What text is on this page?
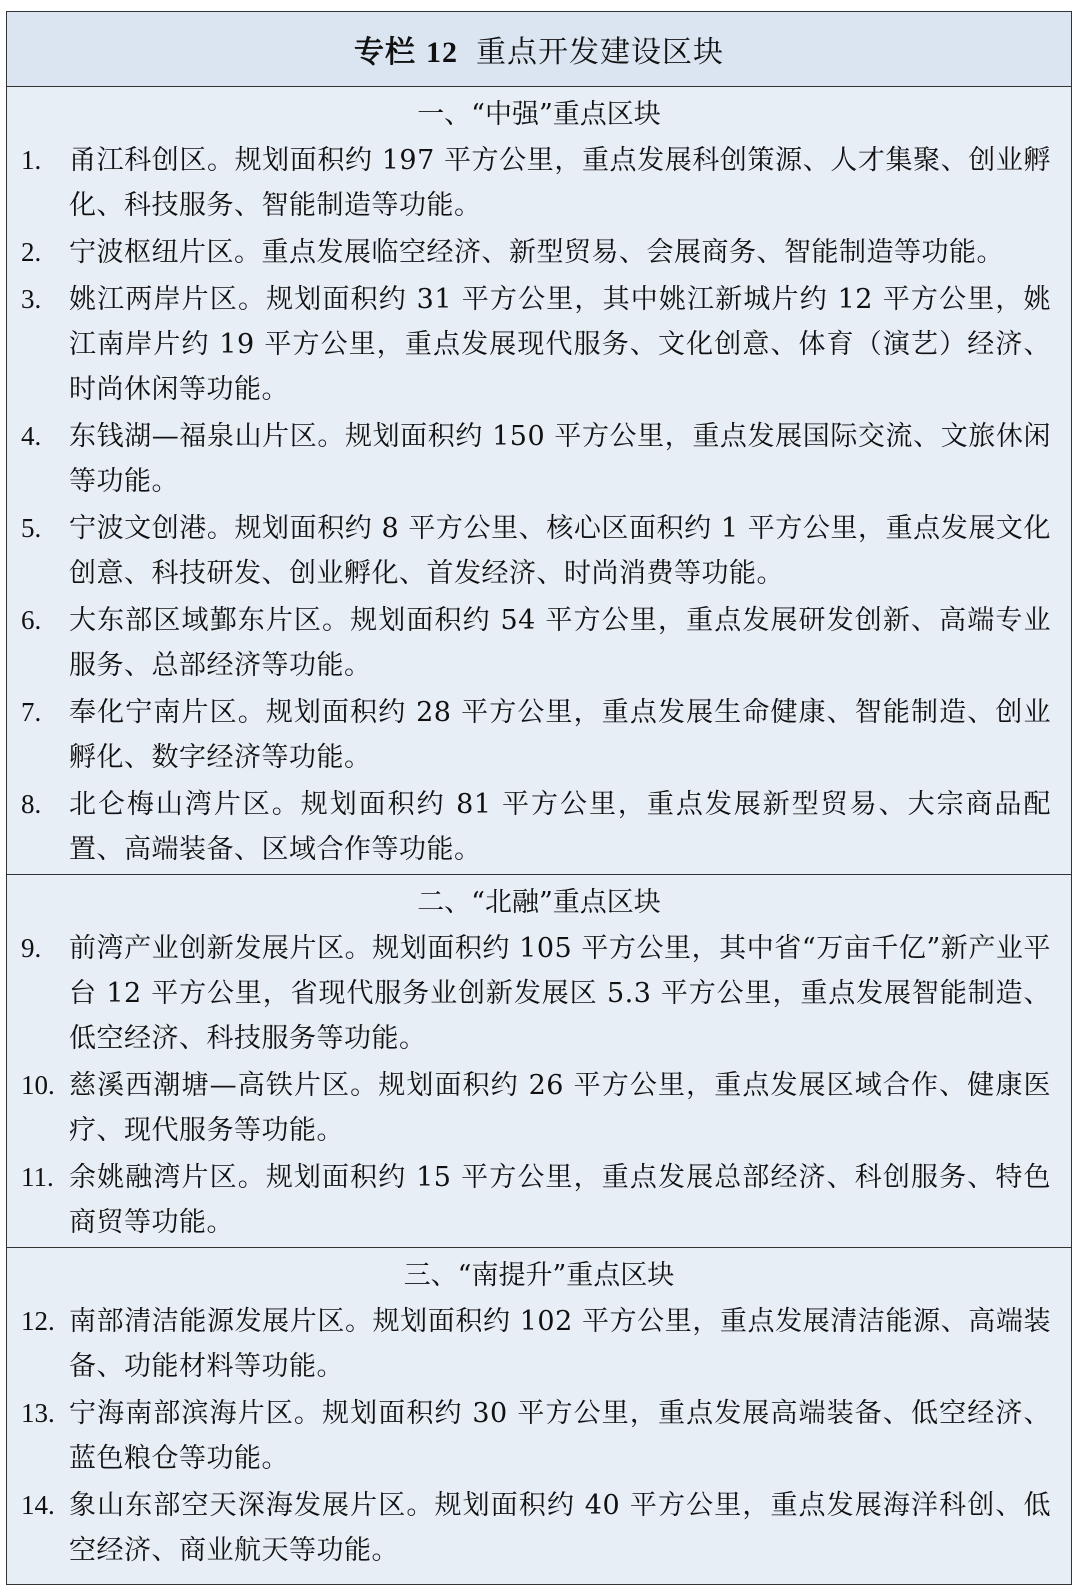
专栏 12 重点开发建设区块
一、“中强”重点区块
1.	甬江科创区。规划面积约 197 平方公里，重点发展科创策源、人才集聚、创业孵化、科技服务、智能制造等功能。
2.	宁波枢纽片区。重点发展临空经济、新型贸易、会展商务、智能制造等功能。
3.	姚江两岸片区。规划面积约 31 平方公里，其中姚江新城片约 12 平方公里，姚江南岸片约 19 平方公里，重点发展现代服务、文化创意、体育（演艺）经济、时尚休闲等功能。
4.	东钱湖—福泉山片区。规划面积约 150 平方公里，重点发展国际交流、文旅休闲等功能。
5.	宁波文创港。规划面积约 8 平方公里、核心区面积约 1 平方公里，重点发展文化创意、科技研发、创业孵化、首发经济、时尚消费等功能。
6.	大东部区域鄞东片区。规划面积约 54 平方公里，重点发展研发创新、高端专业服务、总部经济等功能。
7.	奉化宁南片区。规划面积约 28 平方公里，重点发展生命健康、智能制造、创业孵化、数字经济等功能。
8.	北仑梅山湾片区。规划面积约 81 平方公里，重点发展新型贸易、大宗商品配置、高端装备、区域合作等功能。
二、“北融”重点区块
9.	前湾产业创新发展片区。规划面积约 105 平方公里，其中省“万亩千亿”新产业平台 12 平方公里，省现代服务业创新发展区 5.3 平方公里，重点发展智能制造、低空经济、科技服务等功能。
10. 慈溪西潮塘—高铁片区。规划面积约 26 平方公里，重点发展区域合作、健康医疗、现代服务等功能。
11. 余姚融湾片区。规划面积约 15 平方公里，重点发展总部经济、科创服务、特色商贸等功能。
三、“南提升”重点区块
12. 南部清洁能源发展片区。规划面积约 102 平方公里，重点发展清洁能源、高端装备、功能材料等功能。
13. 宁海南部滨海片区。规划面积约 30 平方公里，重点发展高端装备、低空经济、蓝色粮仓等功能。
14. 象山东部空天深海发展片区。规划面积约 40 平方公里，重点发展海洋科创、低空经济、商业航天等功能。
